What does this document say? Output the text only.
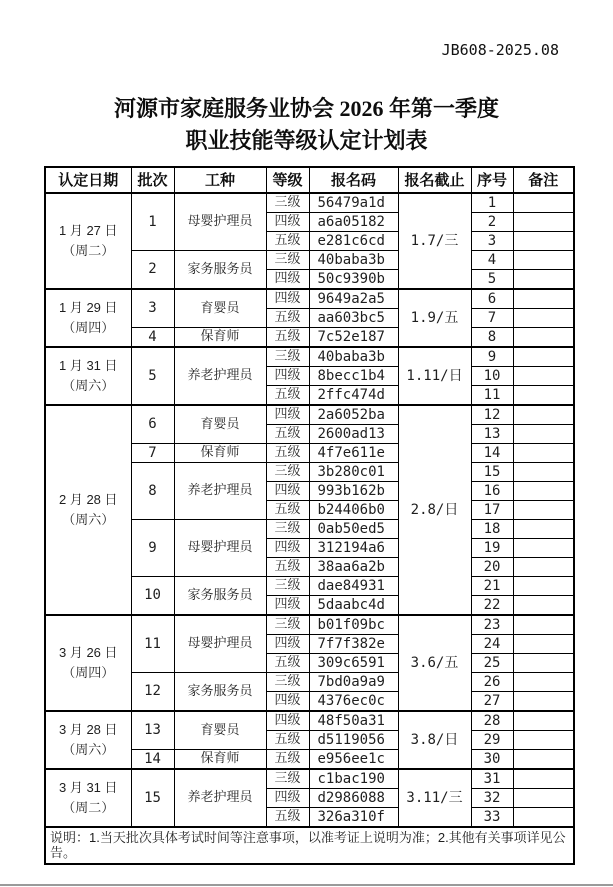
JB608-2025.08
河源市家庭服务业协会 2026 年第一季度
职业技能等级认定计划表
认定日期	批次	工种	等级	报名码	报名截止	序号	备注

1 月 27 日
（周二）	1	母婴护理员	三级	56479a1d	1.7/三	1	
			四级	a6a05182		2	
			五级	e281c6cd		3	
	2	家务服务员	三级	40baba3b		4	
			四级	50c9390b		5	

1 月 29 日
（周四）	3	育婴员	四级	9649a2a5	1.9/五	6	
			五级	aa603bc5		7	
	4	保育师	五级	7c52e187		8	

1 月 31 日
（周六）	5	养老护理员	三级	40baba3b	1.11/日	9	
			四级	8becc1b4		10	
			五级	2ffc474d		11	

2 月 28 日
（周六）	6	育婴员	四级	2a6052ba	2.8/日	12	
			五级	2600ad13		13	
	7	保育师	五级	4f7e611e		14	
	8	养老护理员	三级	3b280c01		15	
			四级	993b162b		16	
			五级	b24406b0		17	
	9	母婴护理员	三级	0ab50ed5		18	
			四级	312194a6		19	
			五级	38aa6a2b		20	
	10	家务服务员	三级	dae84931		21	
			四级	5daabc4d		22	

3 月 26 日
（周四）	11	母婴护理员	三级	b01f09bc	3.6/五	23	
			四级	7f7f382e		24	
			五级	309c6591		25	
	12	家务服务员	三级	7bd0a9a9		26	
			四级	4376ec0c		27	

3 月 28 日
（周六）	13	育婴员	四级	48f50a31	3.8/日	28	
			五级	d5119056		29	
	14	保育师	五级	e956ee1c		30	

3 月 31 日
（周二）	15	养老护理员	三级	c1bac190	3.11/三	31	
			四级	d2986088		32	
			五级	326a310f		33	
说明：1.当天批次具体考试时间等注意事项，以准考证上说明为准；2.其他有关事项详见公告。							
